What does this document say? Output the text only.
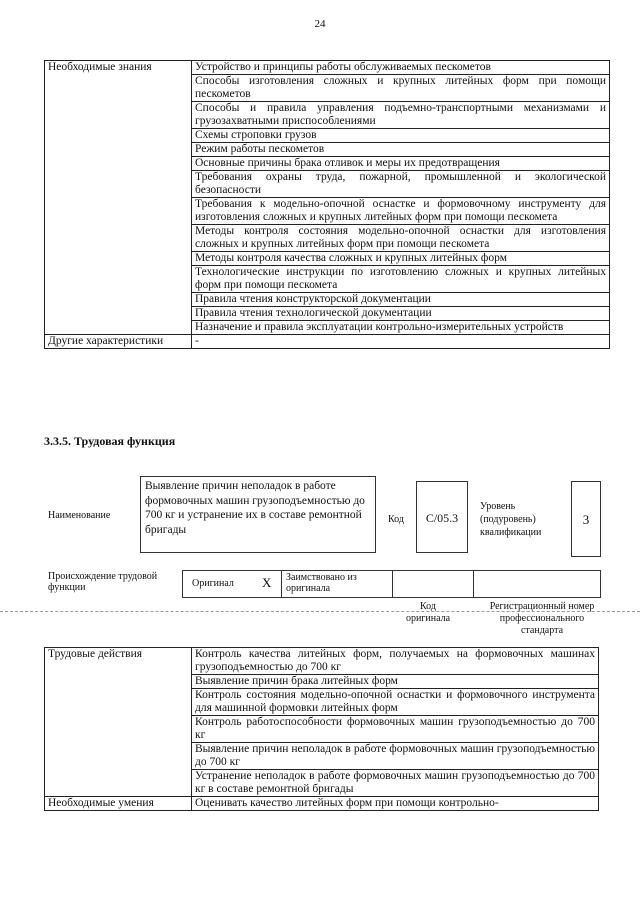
24
Необходимые знания	Устройство и принципы работы обслуживаемых пескометов
	Способы изготовления сложных и крупных литейных форм при помощи пескометов
	Способы и правила управления подъемно-транспортными механизмами и грузозахватными приспособлениями
	Схемы строповки грузов
	Режим работы пескометов
	Основные причины брака отливок и меры их предотвращения
	Требования охраны труда, пожарной, промышленной и экологической безопасности
	Требования к модельно-опочной оснастке и формовочному инструменту для изготовления сложных и крупных литейных форм при помощи пескомета
	Методы контроля состояния модельно-опочной оснастки для изготовления сложных и крупных литейных форм при помощи пескомета
	Методы контроля качества сложных и крупных литейных форм
	Технологические инструкции по изготовлению сложных и крупных литейных форм при помощи пескомета
	Правила чтения конструкторской документации
	Правила чтения технологической документации
	Назначение и правила эксплуатации контрольно-измерительных устройств
Другие характеристики	-
3.3.5. Трудовая функция
Наименование
Выявление причин неполадок в работе формовочных машин грузоподъемностью до 700 кг и устранение их в составе ремонтной бригады
Код	С/05.3
Уровень (подуровень) квалификации
3
Происхождение трудовой функции	Оригинал X Заимствовано из оригинала
Код оригинала
Регистрационный номер профессионального стандарта
Трудовые действия	Контроль качества литейных форм, получаемых на формовочных машинах грузоподъемностью до 700 кг
	Выявление причин брака литейных форм
	Контроль состояния модельно-опочной оснастки и формовочного инструмента для машинной формовки литейных форм
	Контроль работоспособности формовочных машин грузоподъемностью до 700 кг
	Выявление причин неполадок в работе формовочных машин грузоподъемностью до 700 кг
	Устранение неполадок в работе формовочных машин грузоподъемностью до 700 кг в составе ремонтной бригады
Необходимые умения	Оценивать качество литейных форм при помощи контрольно-
